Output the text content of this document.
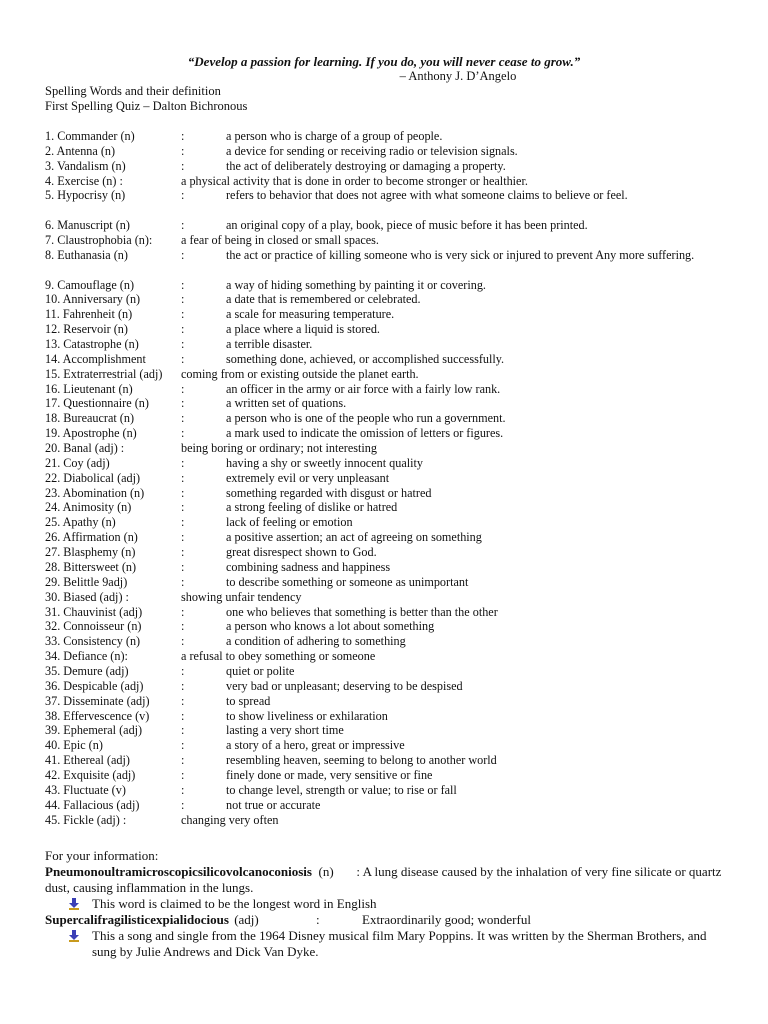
“Develop a passion for learning. If you do, you will never cease to grow.”
– Anthony J. D’Angelo
Spelling Words and their definition
First Spelling Quiz – Dalton Bichronous
1. Commander (n)	:	a person who is charge of a group of people.
2. Antenna (n)	:	a device for sending or receiving radio or television signals.
3. Vandalism (n)	:	the act of deliberately destroying or damaging a property.
4. Exercise (n) :	a physical activity that is done in order to become stronger or healthier.
5. Hypocrisy (n)	:	refers to behavior that does not agree with what someone claims to believe or feel.
6. Manuscript (n)	:	an original copy of a play, book, piece of music before it has been printed.
7. Claustrophobia (n): a fear of being in closed or small spaces.
8. Euthanasia (n)	:	the act or practice of killing someone who is very sick or injured to prevent Any more suffering.
9. Camouflage (n)	:	a way of hiding something by painting it or covering.
10. Anniversary (n)	:	a date that is remembered or celebrated.
11. Fahrenheit (n)	:	a scale for measuring temperature.
12. Reservoir (n)	:	a place where a liquid is stored.
13. Catastrophe (n)	:	a terrible disaster.
14. Accomplishment	:	something done, achieved, or accomplished successfully.
15. Extraterrestrial (adj) coming from or existing outside the planet earth.
16. Lieutenant (n)	:	an officer in the army or air force with a fairly low rank.
17. Questionnaire (n)	:	a written set of quations.
18. Bureaucrat (n)	:	a person who is one of the people who run a government.
19. Apostrophe (n)	:	a mark used to indicate the omission of letters or figures.
20. Banal (adj) :	being boring or ordinary; not interesting
21. Coy (adj)	:	having a shy or sweetly innocent quality
22. Diabolical (adj)	:	extremely evil or very unpleasant
23. Abomination (n)	:	something regarded with disgust or hatred
24. Animosity (n)	:	a strong feeling of dislike or hatred
25. Apathy (n)	:	lack of feeling or emotion
26. Affirmation (n)	:	a positive assertion; an act of agreeing on something
27. Blasphemy (n)	:	great disrespect shown to God.
28. Bittersweet (n)	:	combining sadness and happiness
29. Belittle 9adj)	:	to describe something or someone as unimportant
30. Biased (adj) :	showing unfair tendency
31. Chauvinist (adj)	:	one who believes that something is better than the other
32. Connoisseur (n)	:	a person who knows a lot about something
33. Consistency (n)	:	a condition of adhering to something
34. Defiance (n):	a refusal to obey something or someone
35. Demure (adj)	:	quiet or polite
36. Despicable (adj)	:	very bad or unpleasant; deserving to be despised
37. Disseminate (adj)	:	to spread
38. Effervescence (v)	:	to show liveliness or exhilaration
39. Ephemeral (adj)	:	lasting a very short time
40. Epic (n)	:	a story of a hero, great or impressive
41. Ethereal (adj)	:	resembling heaven, seeming to belong to another world
42. Exquisite (adj)	:	finely done or made, very sensitive or fine
43. Fluctuate (v)	:	to change level, strength or value; to rise or fall
44. Fallacious (adj)	:	not true or accurate
45. Fickle (adj) :	changing very often
For your information:
Pneumonoultramicroscopicsilicovolcanoconiosis (n) : A lung disease caused by the inhalation of very fine silicate or quartz dust, causing inflammation in the lungs.
This word is claimed to be the longest word in English
Supercalifragilisticexpialidocious (adj)	:	Extraordinarily good; wonderful
This a song and single from the 1964 Disney musical film Mary Poppins. It was written by the Sherman Brothers, and sung by Julie Andrews and Dick Van Dyke.
